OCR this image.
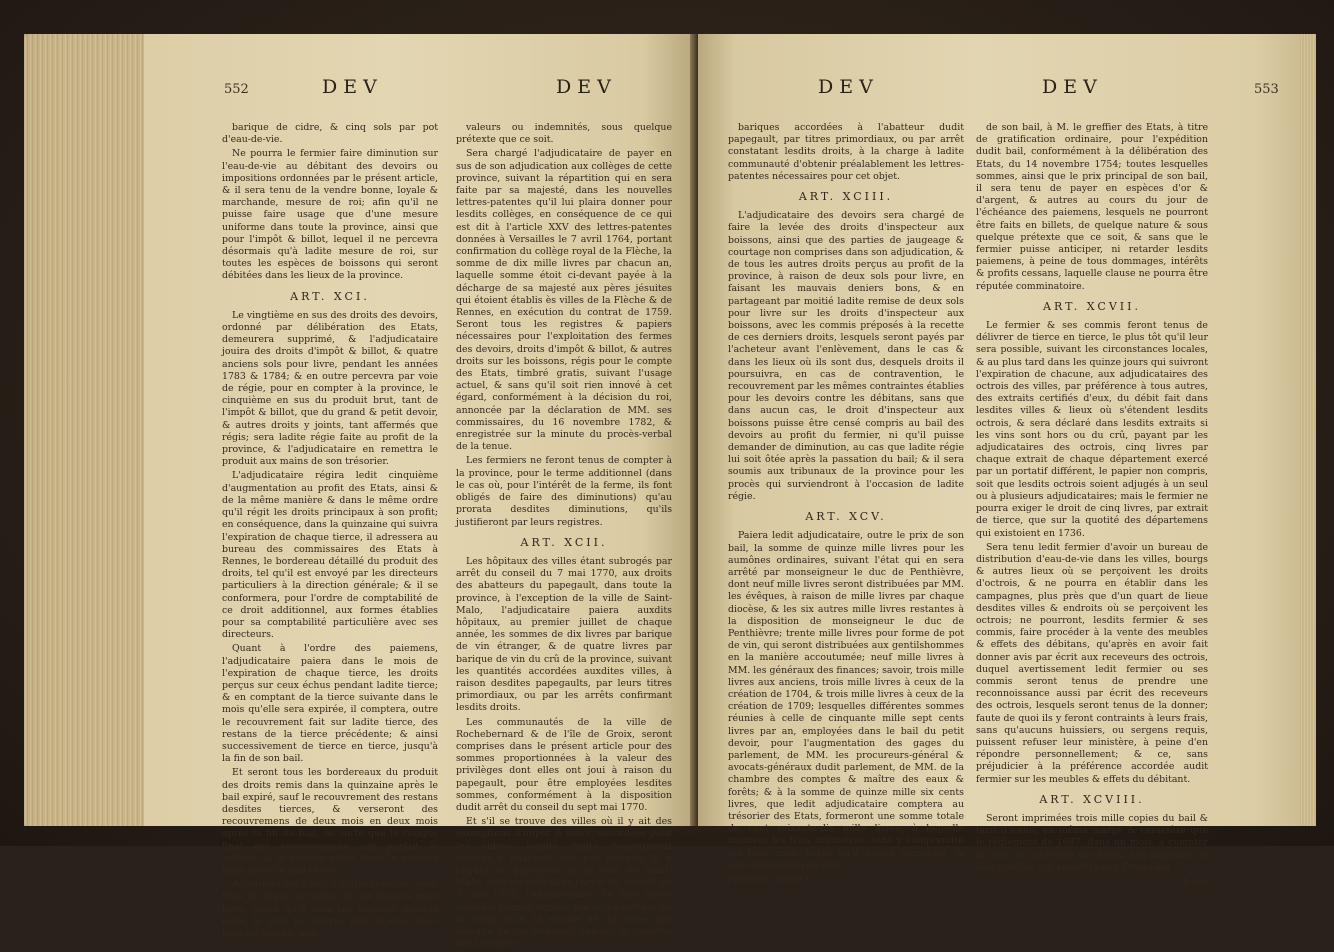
552	DEV	DEV

barique de cidre, & cinq sols par pot d'eau-de-vie.

Ne pourra le fermier faire diminution sur l'eau-de-vie au débitant des devoirs ou impositions ordonnées par le présent article, & il sera tenu de la vendre bonne, loyale & marchande, mesure de roi; afin qu'il ne puisse faire usage que d'une mesure uniforme dans toute la province, ainsi que pour l'impôt & billot, lequel il ne percevra désormais qu'à ladite mesure de roi, sur toutes les espèces de boissons qui seront débitées dans les lieux de la province.

ART. XCI.

Le vingtième en sus des droits des devoirs, ordonné par délibération des Etats, demeurera supprimé, & l'adjudicataire jouira des droits d'impôt & billot, & quatre anciens sols pour livre, pendant les années 1783 & 1784; & en outre percevra par voie de régie, pour en compter à la province, le cinquième en sus du produit brut, tant de l'impôt & billot, que du grand & petit devoir, & autres droits y joints, tant affermés que régis; sera ladite régie faite au profit de la province, & l'adjudicataire en remettra le produit aux mains de son trésorier.

L'adjudicataire régira ledit cinquième d'augmentation au profit des Etats, ainsi & de la même manière & dans le même ordre qu'il régit les droits principaux à son profit; en conséquence, dans la quinzaine qui suivra l'expiration de chaque tierce, il adressera au bureau des commissaires des Etats à Rennes, le bordereau détaillé du produit des droits, tel qu'il est envoyé par les directeurs particuliers à la direction générale; & il se conformera, pour l'ordre de comptabilité de ce droit additionnel, aux formes établies pour sa comptabilité particulière avec ses directeurs.

Quant à l'ordre des paiemens, l'adjudicataire paiera dans le mois de l'expiration de chaque tierce, les droits perçus sur ceux échus pendant ladite tierce; & en comptant de la tierce suivante dans le mois qu'elle sera expirée, il comptera, outre le recouvrement fait sur ladite tierce, des restans de la tierce précédente; & ainsi successivement de tierce en tierce, jusqu'à la fin de son bail.

Et seront tous les bordereaux du produit des droits remis dans la quinzaine après le bail expiré, sauf le recouvrement des restans desdites tierces, & verseront des recouvremens de deux mois en deux mois après la fin du bail, de sorte que le compte final des recouvremens soit parfait & achevé, & le compte soldé dans le sixième mois après le bail révolu.

Accordent les Etats à l'adjudicataire, pour frais de régie, la remise de six deniers pour livre, parce qu'il sera les mauvais deniers bons, & qu'il ne pourra rien répéter pour frais de procès, non-

valeurs ou indemnités, sous quelque prétexte que ce soit.

Sera chargé l'adjudicataire de payer en sus de son adjudication aux collèges de cette province, suivant la répartition qui en sera faite par sa majesté, dans les nouvelles lettres-patentes qu'il lui plaira donner pour lesdits collèges, en conséquence de ce qui est dit à l'article XXV des lettres-patentes données à Versailles le 7 avril 1764, portant confirmation du collège royal de la Flèche, la somme de dix mille livres par chacun an, laquelle somme étoit ci-devant payée à la décharge de sa majesté aux pères jésuites qui étoient établis ès villes de la Flèche & de Rennes, en exécution du contrat de 1759. Seront tous les registres & papiers nécessaires pour l'exploitation des fermes des devoirs, droits d'impôt & billot, & autres droits sur les boissons, régis pour le compte des Etats, timbré gratis, suivant l'usage actuel, & sans qu'il soit rien innové à cet égard, conformément à la décision du roi, annoncée par la déclaration de MM. ses commissaires, du 16 novembre 1782, & enregistrée sur la minute du procès-verbal de la tenue.

Les fermiers ne feront tenus de compter à la province, pour le terme additionnel (dans le cas où, pour l'intérêt de la ferme, ils font obligés de faire des diminutions) qu'au prorata desdites diminutions, qu'ils justifieront par leurs registres.

ART. XCII.

Les hôpitaux des villes étant subrogés par arrêt du conseil du 7 mai 1770, aux droits des abatteurs du papegault, dans toute la province, à l'exception de la ville de Saint-Malo, l'adjudicataire paiera auxdits hôpitaux, au premier juillet de chaque année, les sommes de dix livres par barique de vin étranger, & de quatre livres par barique de vin du crû de la province, suivant les quantités accordées auxdites villes, à raison desdites papegaults, par leurs titres primordiaux, ou par les arrêts confirmant lesdits droits.

Les communautés de la ville de Rochebernard & de l'île de Groix, seront comprises dans le présent article pour des sommes proportionnées à la valeur des privilèges dont elles ont joui à raison du papegault, pour être employées lesdites sommes, conformément à la disposition dudit arrêt du conseil du sept mai 1770.

Et s'il se trouve des villes où il y ait des exemptions d'impôt & billot, accordées pour les cidres, lesdits droits demeureront évalués à quarante sols par barique; & à l'égard du papegault de la ville de Saint-Malo, seul excepté dans l'arrêt du conseil du 7 mai 1770, l'adjudicataire lui fera payer dans les mêmes termes, par son directeur en la même ville, la somme de dix livres par barique de vin étranger, suivant la quantité des bariques

DEV	DEV	553

bariques accordées à l'abatteur dudit papegault, par titres primordiaux, ou par arrêt constatant lesdits droits, à la charge à ladite communauté d'obtenir préalablement les lettres-patentes nécessaires pour cet objet.

ART. XCIII.

L'adjudicataire des devoirs sera chargé de faire la levée des droits d'inspecteur aux boissons, ainsi que des parties de jaugeage & courtage non comprises dans son adjudication, & de tous les autres droits perçus au profit de la province, à raison de deux sols pour livre, en faisant les mauvais deniers bons, & en partageant par moitié ladite remise de deux sols pour livre sur les droits d'inspecteur aux boissons, avec les commis préposés à la recette de ces derniers droits, lesquels seront payés par l'acheteur avant l'enlèvement, dans le cas & dans les lieux où ils sont dus, desquels droits il poursuivra, en cas de contravention, le recouvrement par les mêmes contraintes établies pour les devoirs contre les débitans, sans que dans aucun cas, le droit d'inspecteur aux boissons puisse être censé compris au bail des devoirs au profit du fermier, ni qu'il puisse demander de diminution, au cas que ladite régie lui soit ôtée après la passation du bail; & il sera soumis aux tribunaux de la province pour les procès qui surviendront à l'occasion de ladite régie.

ART. XCV.

Paiera ledit adjudicataire, outre le prix de son bail, la somme de quinze mille livres pour les aumônes ordinaires, suivant l'état qui en sera arrêté par monseigneur le duc de Penthièvre, dont neuf mille livres seront distribuées par MM. les évêques, à raison de mille livres par chaque diocèse, & les six autres mille livres restantes à la disposition de monseigneur le duc de Penthièvre; trente mille livres pour forme de pot de vin, qui seront distribuées aux gentilshommes en la manière accoutumée; neuf mille livres à MM. les généraux des finances; savoir, trois mille livres aux anciens, trois mille livres à ceux de la création de 1704, & trois mille livres à ceux de la création de 1709; lesquelles différentes sommes réunies à celle de cinquante mille sept cents livres par an, employées dans le bail du petit devoir, pour l'augmentation des gages du parlement, de MM. les procureurs-général & avocats-généraux dudit parlement, de MM. de la chambre des comptes & maître des eaux & forêts; & à la somme de quinze mille six cents livres, que ledit adjudicataire comptera au trésorier des Etats, formeront une somme totale de cent soixante-dix mille livres, à laquelle montent les frais ordinaires, sans y comprendre les trois mille livres qu'il paiera comptant, & sans diminution de prix

Finances. Tome I.

de son bail, à M. le greffier des Etats, à titre de gratification ordinaire, pour l'expédition dudit bail, conformément à la délibération des Etats, du 14 novembre 1754; toutes lesquelles sommes, ainsi que le prix principal de son bail, il sera tenu de payer en espèces d'or & d'argent, & autres au cours du jour de l'échéance des paiemens, lesquels ne pourront être faits en billets, de quelque nature & sous quelque prétexte que ce soit, & sans que le fermier puisse anticiper, ni retarder lesdits paiemens, à peine de tous dommages, intérêts & profits cessans, laquelle clause ne pourra être réputée comminatoire.

ART. XCVII.

Le fermier & ses commis feront tenus de délivrer de tierce en tierce, le plus tôt qu'il leur sera possible, suivant les circonstances locales, & au plus tard dans les quinze jours qui suivront l'expiration de chacune, aux adjudicataires des octrois des villes, par préférence à tous autres, des extraits certifiés d'eux, du débit fait dans lesdites villes & lieux où s'étendent lesdits octrois, & sera déclaré dans lesdits extraits si les vins sont hors ou du crû, payant par les adjudicataires des octrois, cinq livres par chaque extrait de chaque département exercé par un portatif différent, le papier non compris, soit que lesdits octrois soient adjugés à un seul ou à plusieurs adjudicataires; mais le fermier ne pourra exiger le droit de cinq livres, par extrait de tierce, que sur la quotité des départemens qui existoient en 1736.

Sera tenu ledit fermier d'avoir un bureau de distribution d'eau-de-vie dans les villes, bourgs & autres lieux où se perçoivent les droits d'octrois, & ne pourra en établir dans les campagnes, plus près que d'un quart de lieue desdites villes & endroits où se perçoivent les octrois; ne pourront, lesdits fermier & ses commis, faire procéder à la vente des meubles & effets des débitans, qu'après en avoir fait donner avis par écrit aux receveurs des octrois, duquel avertissement ledit fermier ou ses commis seront tenus de prendre une reconnoissance aussi par écrit des receveurs des octrois, lesquels seront tenus de la donner; faute de quoi ils y feront contraints à leurs frais, sans qu'aucuns huissiers, ou sergens requis, puissent refuser leur ministère, à peine d'en répondre personnellement; & ce, sans préjudicier à la préférence accordée audit fermier sur les meubles & effets du débitant.

ART. XCVIII.

Seront imprimées trois mille copies du bail & tarif d'icelui, en même marge & caractère que le règlement de 1687, dans un mois, à compter du jour de la clôture des Etats, à la diligence de leur greffier, qui remettra aux Etats cinq

A aaa
